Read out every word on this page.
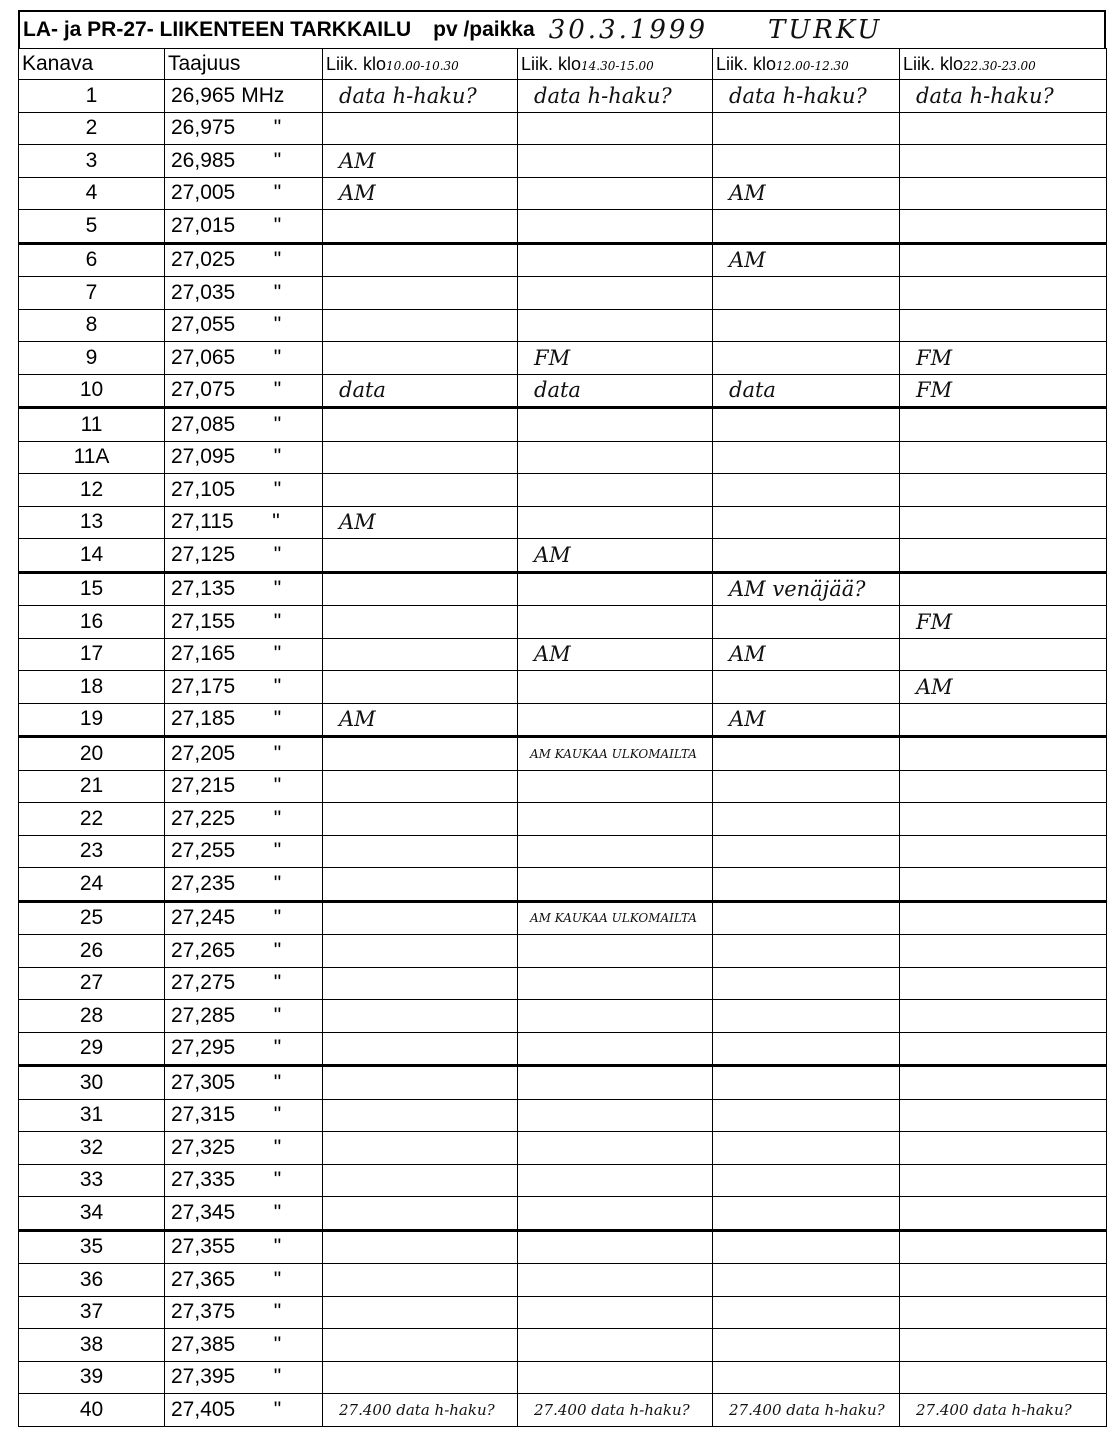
LA- ja PR-27- LIIKENTEEN TARKKAILU pv /paikka 30.3.1999 TURKU
Kanava	Taajuus	Liik. klo10.00-10.30	Liik. klo14.30-15.00	Liik. klo12.00-12.30	Liik. klo22.30-23.00
1	26,965 MHz	data h-haku?	data h-haku?	data h-haku?	data h-haku?
2	26,975 "				
3	26,985 "	AM			
4	27,005 "	AM		AM	
5	27,015 "				
6	27,025 "			AM	
7	27,035 "				
8	27,055 "				
9	27,065 "		FM		FM
10	27,075 "	data	data	data	FM
11	27,085 "				
11A	27,095 "				
12	27,105 "				
13	27,115 "	AM			
14	27,125 "		AM		
15	27,135 "			AM venäjää?	
16	27,155 "				FM
17	27,165 "		AM	AM	
18	27,175 "				AM
19	27,185 "	AM		AM	
20	27,205 "		AM KAUKAA ULKOMAILTA		
21	27,215 "				
22	27,225 "				
23	27,255 "				
24	27,235 "				
25	27,245 "		AM KAUKAA ULKOMAILTA		
26	27,265 "				
27	27,275 "				
28	27,285 "				
29	27,295 "				
30	27,305 "				
31	27,315 "				
32	27,325 "				
33	27,335 "				
34	27,345 "				
35	27,355 "				
36	27,365 "				
37	27,375 "				
38	27,385 "				
39	27,395 "				
40	27,405 "	27.400 data h-haku?	27.400 data h-haku?	27.400 data h-haku?	27.400 data h-haku?
